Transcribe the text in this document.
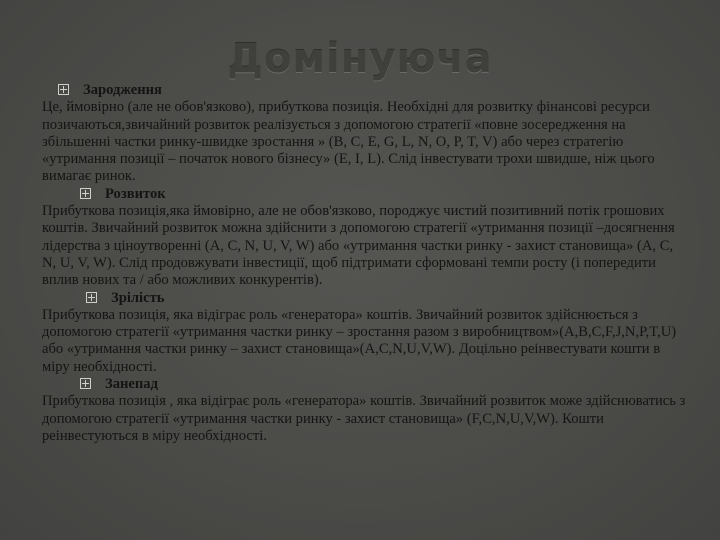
Домінуюча
Зародження
Це, ймовірно (але не обов'язково), прибуткова позиція. Необхідні для розвитку фінансові ресурси позичаються,звичайний розвиток реалізується з допомогою стратегії «повне зосередження на збільшенні частки ринку-швидке зростання » (B, C, E, G, L, N, O, P, T, V) або через стратегію «утримання позиції – початок нового бізнесу» (E, I, L). Слід інвестувати трохи швидше, ніж цього вимагає ринок.
Розвиток
Прибуткова позиція,яка ймовірно, але не обов'язково, породжує чистий позитивний потік грошових коштів. Звичайний розвиток можна здійснити з допомогою стратегії «утримання позиції –досягнення лідерства з ціноутворенні (A, C, N, U, V, W) або «утримання частки ринку - захист становища» (A, C, N, U, V, W). Слід продовжувати інвестиції, щоб підтримати сформовані темпи росту (і попередити вплив нових та / або можливих конкурентів).
Зрілість
Прибуткова позиція, яка відіграє роль «генератора» коштів. Звичайний розвиток здійснюється з допомогою стратегії «утримання частки ринку – зростання разом з виробництвом»(A,B,C,F,J,N,P,T,U) або «утримання частки ринку – захист становища»(A,C,N,U,V,W). Доцільно реінвестувати кошти в міру необхідності.
Занепад
Прибуткова позиція , яка відіграє роль «генератора» коштів. Звичайний розвиток може здійснюватись з допомогою стратегії «утримання частки ринку - захист становища» (F,C,N,U,V,W). Кошти реінвестуються в міру необхідності.
